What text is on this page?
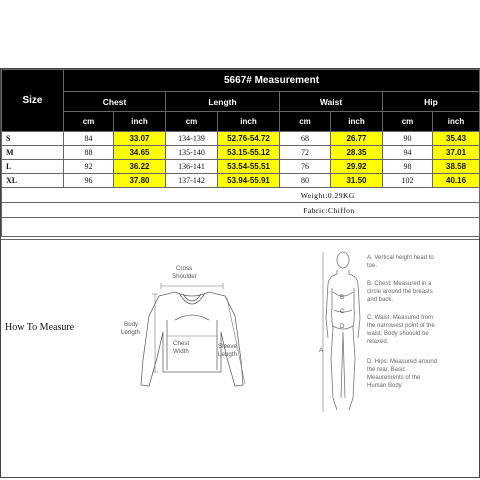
Size	5667# Measurement							
	Chest		Length		Waist		Hip	
	cm	inch	cm	inch	cm	inch	cm	inch
S	84	33.07	134-139	52.76-54.72	68	26.77	90	35.43
M	88	34.65	135-140	53.15-55.12	72	28.35	94	37.01
L	92	36.22	136-141	53.54-55.51	76	29.92	98	38.58
XL	96	37.80	137-142	53.94-55.91	80	31.50	102	40.16
Weight:0.29KG								
Fabric:Chiffon								

How To Measure
Cross
Shoulder
Body
Length
Chest
Width
Sleeve
Length
A
B
C
D
A. Vertical height head to toe.
B. Chest: Measured in a circle around the breasts and back.
C. Waist: Measured from the narrowest point of the waist. Body shoould be relaxed.
D. Hips: Measured around the rear. Basic Meaurements of the Human Body
